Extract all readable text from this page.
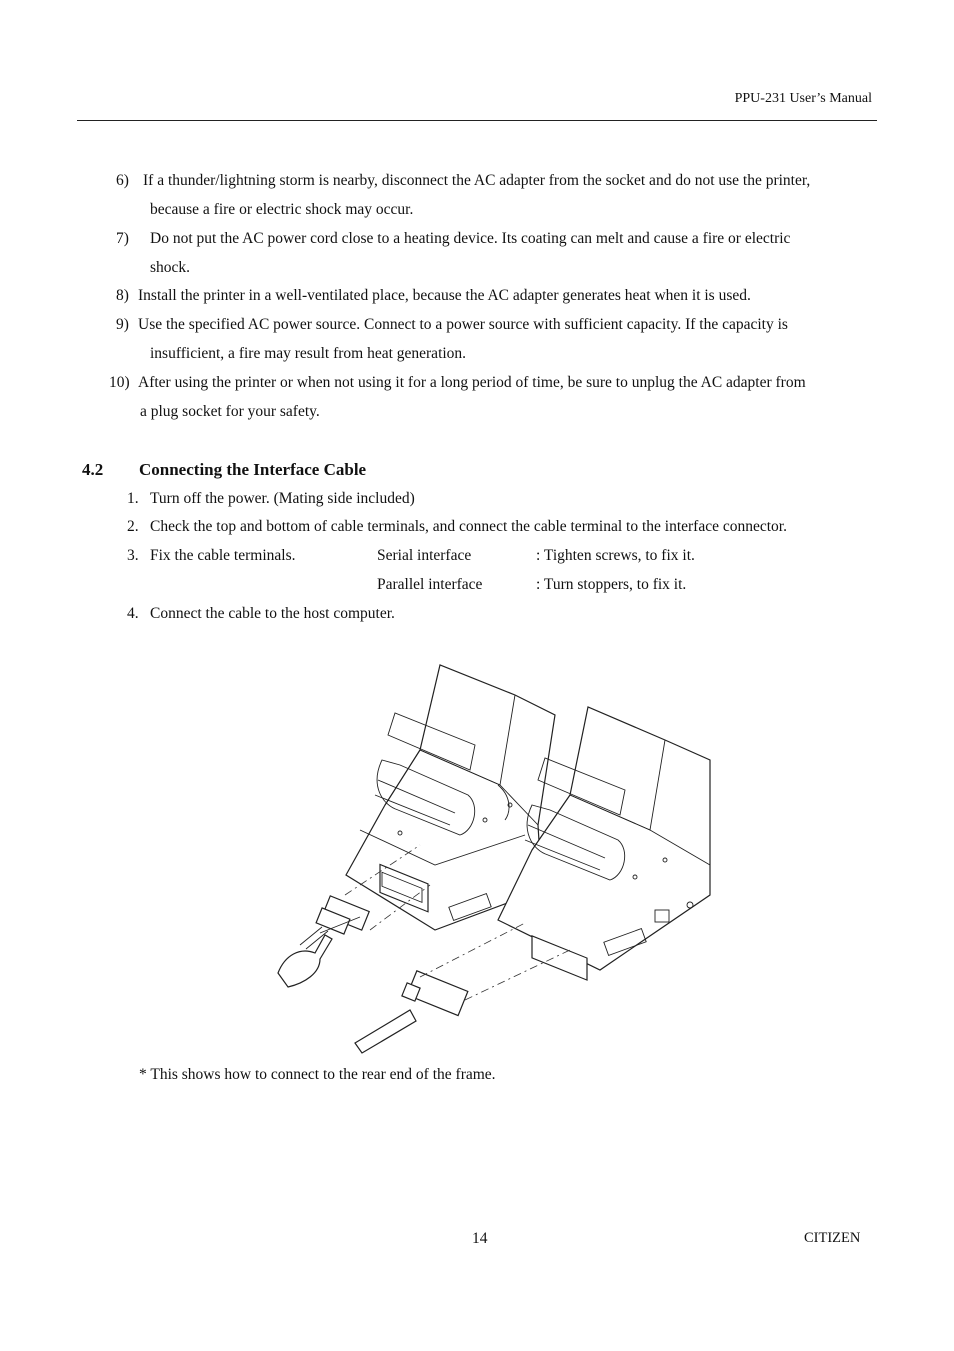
PPU-231 User’s Manual
6) If a thunder/lightning storm is nearby, disconnect the AC adapter from the socket and do not use the printer,
because a fire or electric shock may occur.
7) Do not put the AC power cord close to a heating device. Its coating can melt and cause a fire or electric
shock.
8) Install the printer in a well-ventilated place, because the AC adapter generates heat when it is used.
9) Use the specified AC power source. Connect to a power source with sufficient capacity. If the capacity is
insufficient, a fire may result from heat generation.
10) After using the printer or when not using it for a long period of time, be sure to unplug the AC adapter from
a plug socket for your safety.
4.2 Connecting the Interface Cable
1. Turn off the power. (Mating side included)
2. Check the top and bottom of cable terminals, and connect the cable terminal to the interface connector.
3. Fix the cable terminals.	Serial interface	: Tighten screws, to fix it.
Parallel interface	: Turn stoppers, to fix it.
4. Connect the cable to the host computer.
* This shows how to connect to the rear end of the frame.
14	CITIZEN
